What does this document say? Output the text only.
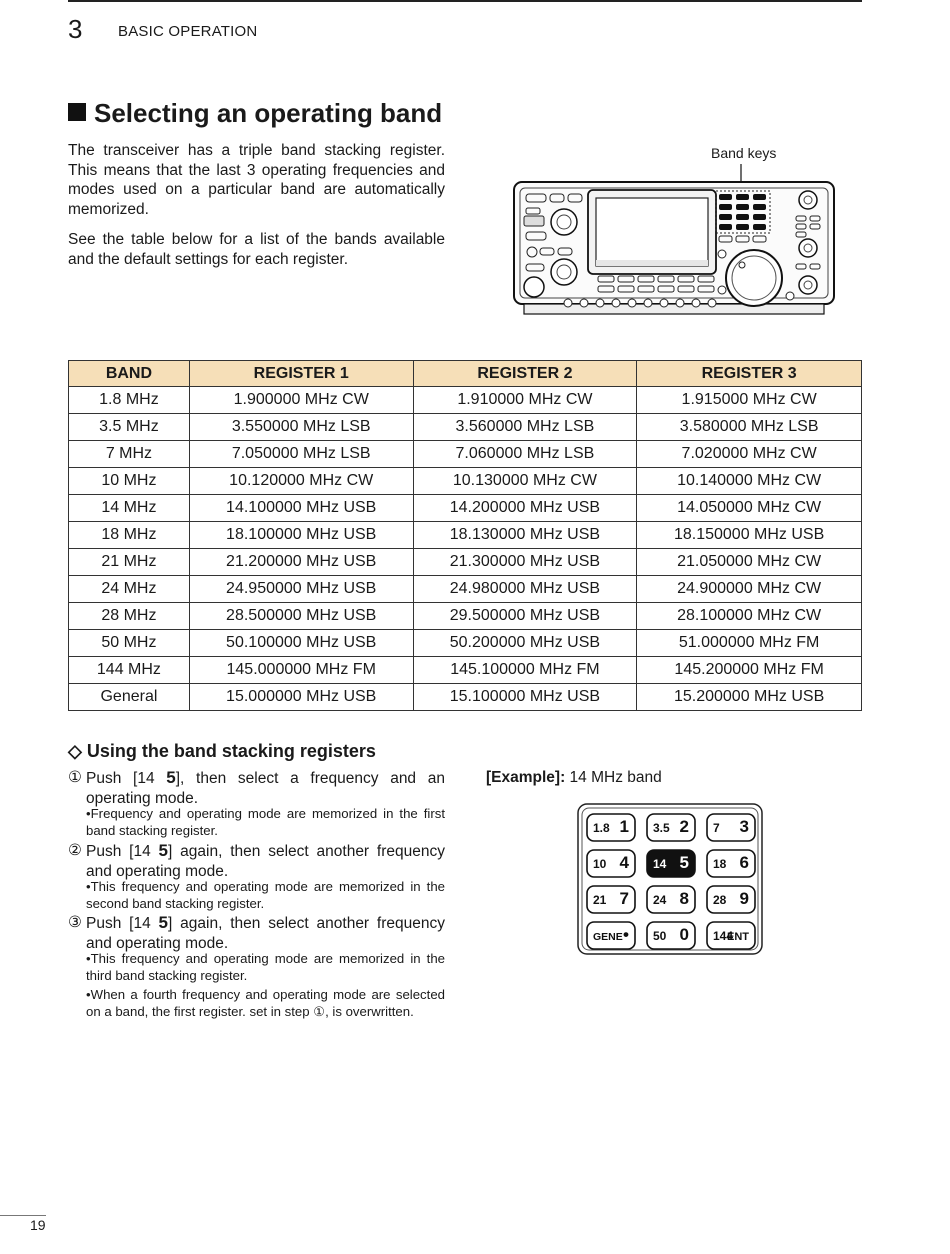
3 BASIC OPERATION
Selecting an operating band
The transceiver has a triple band stacking register. This means that the last 3 operating frequencies and modes used on a particular band are automatically memorized.
See the table below for a list of the bands available and the default settings for each register.
Band keys
BAND	REGISTER 1	REGISTER 2	REGISTER 3
1.8 MHz	1.900000 MHz CW	1.910000 MHz CW	1.915000 MHz CW
3.5 MHz	3.550000 MHz LSB	3.560000 MHz LSB	3.580000 MHz LSB
7 MHz	7.050000 MHz LSB	7.060000 MHz LSB	7.020000 MHz CW
10 MHz	10.120000 MHz CW	10.130000 MHz CW	10.140000 MHz CW
14 MHz	14.100000 MHz USB	14.200000 MHz USB	14.050000 MHz CW
18 MHz	18.100000 MHz USB	18.130000 MHz USB	18.150000 MHz USB
21 MHz	21.200000 MHz USB	21.300000 MHz USB	21.050000 MHz CW
24 MHz	24.950000 MHz USB	24.980000 MHz USB	24.900000 MHz CW
28 MHz	28.500000 MHz USB	29.500000 MHz USB	28.100000 MHz CW
50 MHz	50.100000 MHz USB	50.200000 MHz USB	51.000000 MHz FM
144 MHz	145.000000 MHz FM	145.100000 MHz FM	145.200000 MHz FM
General	15.000000 MHz USB	15.100000 MHz USB	15.200000 MHz USB
◇ Using the band stacking registers
① Push [14 5], then select a frequency and an operating mode.
•Frequency and operating mode are memorized in the first band stacking register.
② Push [14 5] again, then select another frequency and operating mode.
•This frequency and operating mode are memorized in the second band stacking register.
③ Push [14 5] again, then select another frequency and operating mode.
•This frequency and operating mode are memorized in the third band stacking register.
•When a fourth frequency and operating mode are selected on a band, the first register. set in step ①, is overwritten.
[Example]: 14 MHz band
1.8 1 3.5 2 7 3
10 4 14 5 18 6
21 7 24 8 28 9
GENE • 50 0 144
ENT
19
